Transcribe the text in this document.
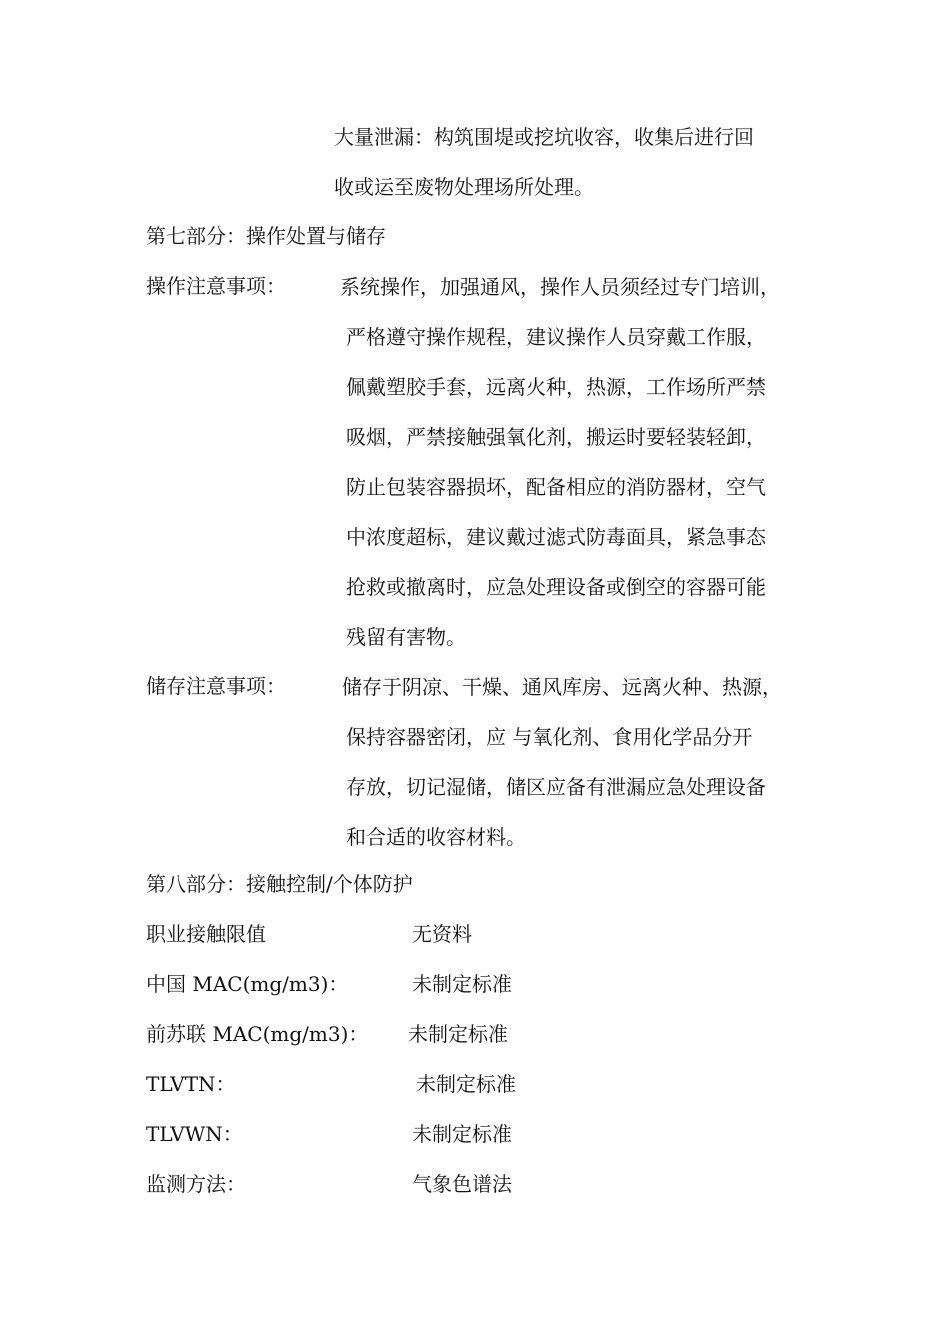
大量泄漏：构筑围堤或挖坑收容，收集后进行回
收或运至废物处理场所处理。
第七部分：操作处置与储存
操作注意事项：	系统操作，加强通风，操作人员须经过专门培训，
严格遵守操作规程，建议操作人员穿戴工作服，
佩戴塑胶手套，远离火种，热源，工作场所严禁
吸烟，严禁接触强氧化剂，搬运时要轻装轻卸，
防止包装容器损坏，配备相应的消防器材，空气
中浓度超标，建议戴过滤式防毒面具，紧急事态
抢救或撤离时，应急处理设备或倒空的容器可能
残留有害物。
储存注意事项：	储存于阴凉、干燥、通风库房、远离火种、热源，
保持容器密闭，应 与氧化剂、食用化学品分开
存放，切记湿储，储区应备有泄漏应急处理设备
和合适的收容材料。
第八部分：接触控制/个体防护
职业接触限值	无资料
中国 MAC(mg/m3)：	未制定标准
前苏联 MAC(mg/m3)： 未制定标准
TLVTN：	未制定标准
TLVWN：	未制定标准
监测方法：	气象色谱法
